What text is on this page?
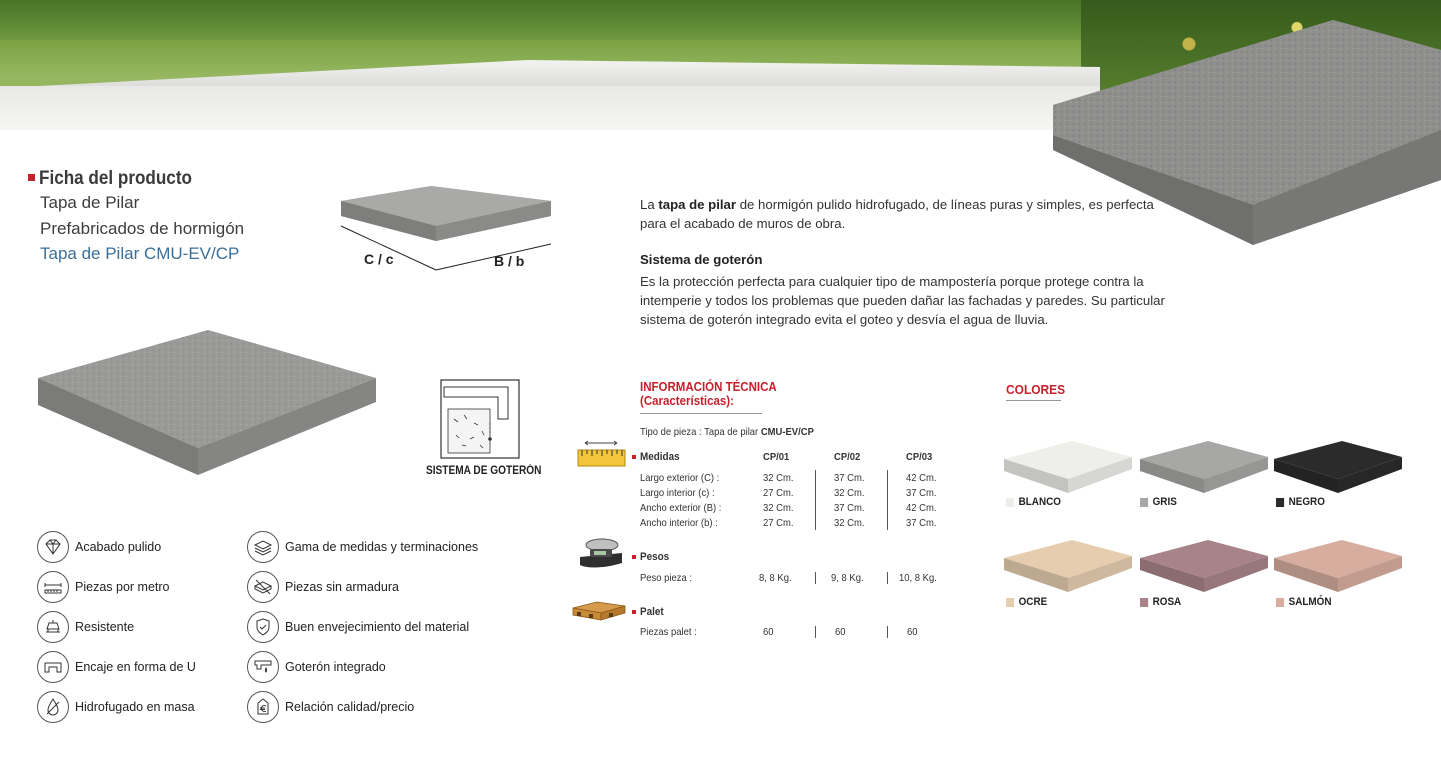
Ficha del producto
Tapa de Pilar
Prefabricados de hormigón
Tapa de Pilar CMU-EV/CP	C / c	B / b
La tapa de pilar de hormigón pulido hidrofugado, de líneas puras y simples, es perfecta para el acabado de muros de obra.
Sistema de goterón
Es la protección perfecta para cualquier tipo de mampostería porque protege contra la intemperie y todos los problemas que pueden dañar las fachadas y paredes. Su particular sistema de goterón integrado evita el goteo y desvía el agua de lluvia.
SISTEMA DE GOTERÓN
Acabado pulido
Piezas por metro
Resistente
Encaje en forma de U
Hidrofugado en masa
Gama de medidas y terminaciones
Piezas sin armadura
Buen envejecimiento del material
Goterón integrado
Relación calidad/precio
INFORMACIÓN TÉCNICA
(Características):
Tipo de pieza : Tapa de pilar CMU-EV/CP
Medidas	CP/01	CP/02	CP/03
Largo exterior (C) :	32 Cm.	37 Cm.	42 Cm.
Largo interior (c) :	27 Cm.	32 Cm.	37 Cm.
Ancho exterior (B) :	32 Cm.	37 Cm.	42 Cm.
Ancho interior (b) :	27 Cm.	32 Cm.	37 Cm.
Pesos
Peso pieza :	8, 8 Kg.	9, 8 Kg.	10, 8 Kg.
Palet
Piezas palet :	60	60	60
COLORES
BLANCO	GRIS	NEGRO
OCRE	ROSA	SALMÓN
